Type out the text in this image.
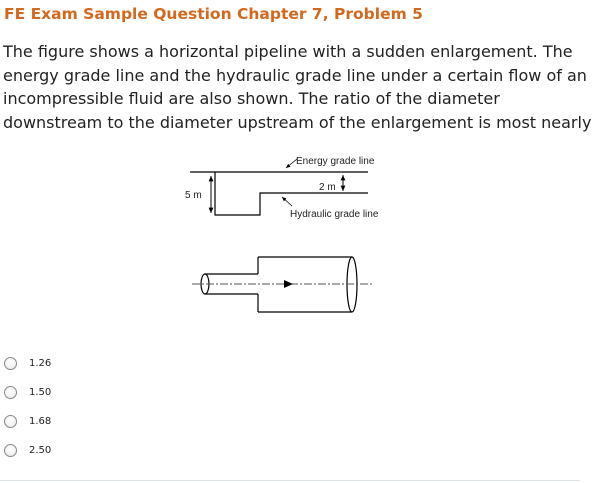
FE Exam Sample Question Chapter 7, Problem 5

The figure shows a horizontal pipeline with a sudden enlargement. The energy grade line and the hydraulic grade line under a certain flow of an incompressible fluid are also shown. The ratio of the diameter downstream to the diameter upstream of the enlargement is most nearly

5 m
2 m
Energy grade line
Hydraulic grade line
1.26
1.50
1.68
2.50
